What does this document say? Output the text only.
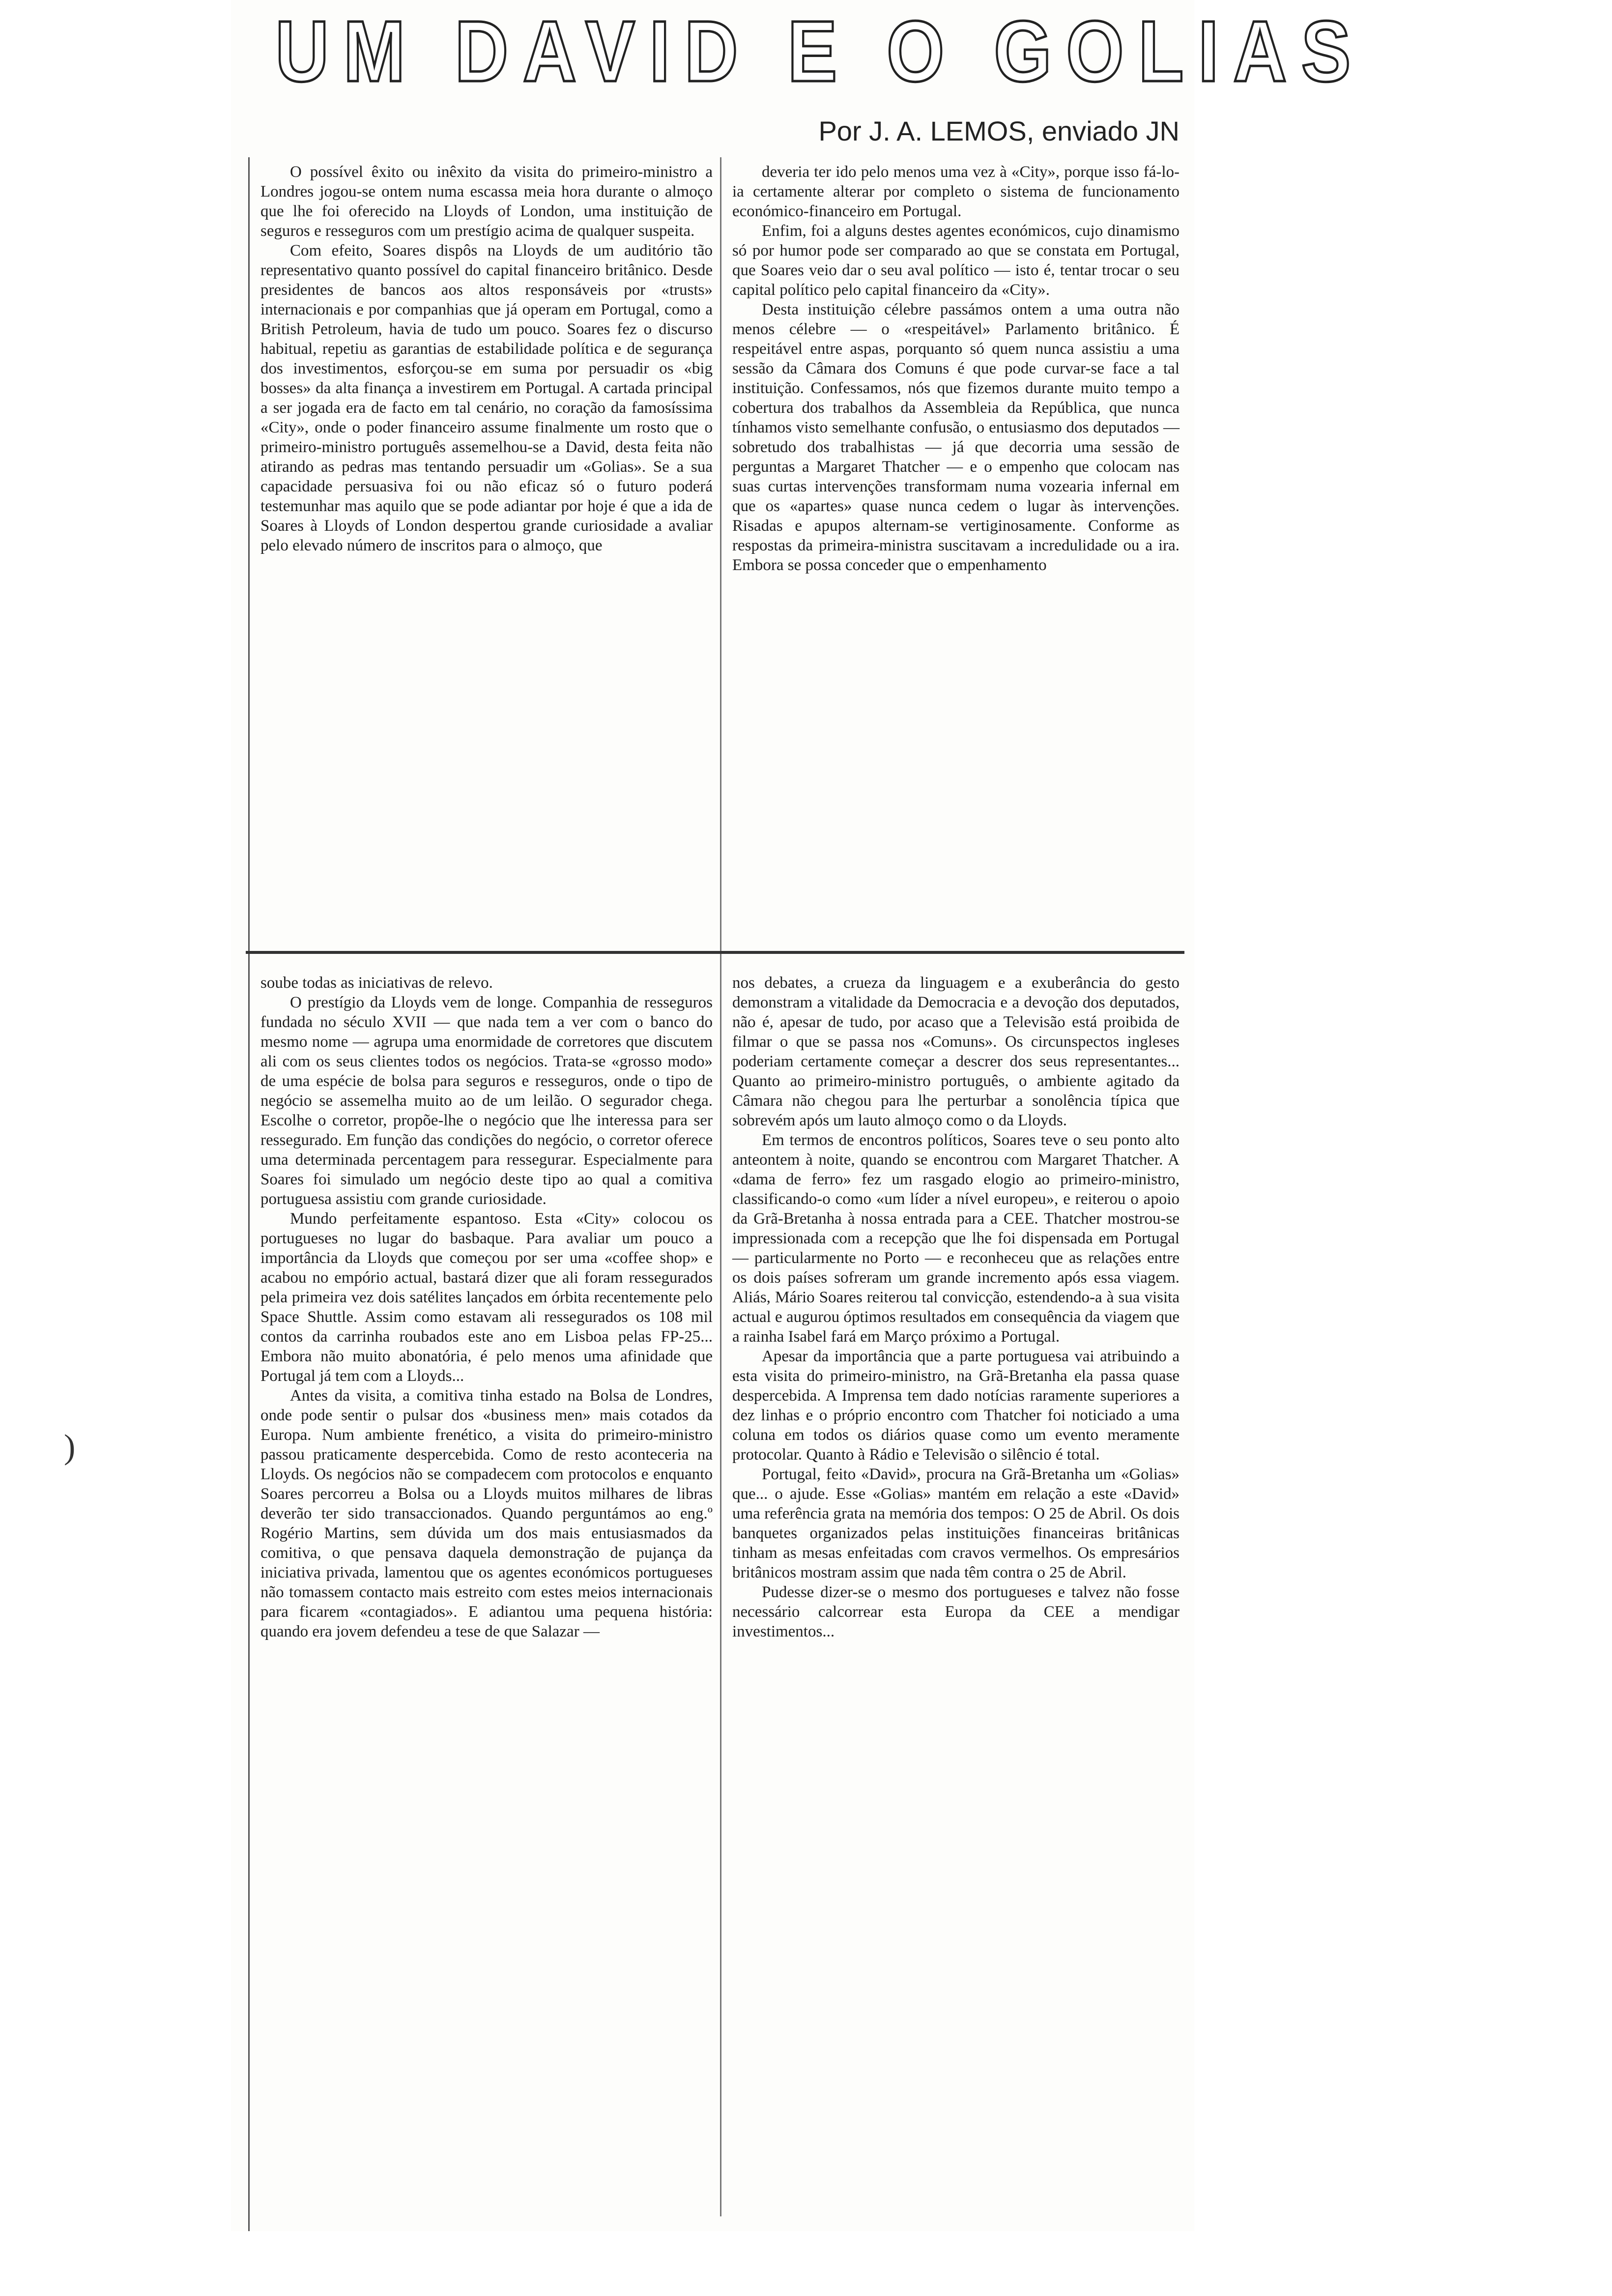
UM DAVID E O GOLIAS
Por J. A. LEMOS, enviado JN

O possível êxito ou inêxito da visita do primeiro-ministro a Londres jogou-se ontem numa escassa meia hora durante o almoço que lhe foi oferecido na Lloyds of London, uma instituição de seguros e resseguros com um prestígio acima de qualquer suspeita.

Com efeito, Soares dispôs na Lloyds de um auditório tão representativo quanto possível do capital financeiro britânico. Desde presidentes de bancos aos altos responsáveis por «trusts» internacionais e por companhias que já operam em Portugal, como a British Petroleum, havia de tudo um pouco. Soares fez o discurso habitual, repetiu as garantias de estabilidade política e de segurança dos investimentos, esforçou-se em suma por persuadir os «big bosses» da alta finança a investirem em Portugal. A cartada principal a ser jogada era de facto em tal cenário, no coração da famosíssima «City», onde o poder financeiro assume finalmente um rosto que o primeiro-ministro português assemelhou-se a David, desta feita não atirando as pedras mas tentando persuadir um «Golias». Se a sua capacidade persuasiva foi ou não eficaz só o futuro poderá testemunhar mas aquilo que se pode adiantar por hoje é que a ida de Soares à Lloyds of London despertou grande curiosidade a avaliar pelo elevado número de inscritos para o almoço, que

deveria ter ido pelo menos uma vez à «City», porque isso fá-lo-ia certamente alterar por completo o sistema de funcionamento económico-financeiro em Portugal.

Enfim, foi a alguns destes agentes económicos, cujo dinamismo só por humor pode ser comparado ao que se constata em Portugal, que Soares veio dar o seu aval político — isto é, tentar trocar o seu capital político pelo capital financeiro da «City».

Desta instituição célebre passámos ontem a uma outra não menos célebre — o «respeitável» Parlamento britânico. É respeitável entre aspas, porquanto só quem nunca assistiu a uma sessão da Câmara dos Comuns é que pode curvar-se face a tal instituição. Confessamos, nós que fizemos durante muito tempo a cobertura dos trabalhos da Assembleia da República, que nunca tínhamos visto semelhante confusão, o entusiasmo dos deputados — sobretudo dos trabalhistas — já que decorria uma sessão de perguntas a Margaret Thatcher — e o empenho que colocam nas suas curtas intervenções transformam numa vozearia infernal em que os «apartes» quase nunca cedem o lugar às intervenções. Risadas e apupos alternam-se vertiginosamente. Conforme as respostas da primeira-ministra suscitavam a incredulidade ou a ira. Embora se possa conceder que o empenhamento

soube todas as iniciativas de relevo.

O prestígio da Lloyds vem de longe. Companhia de resseguros fundada no século XVII — que nada tem a ver com o banco do mesmo nome — agrupa uma enormidade de corretores que discutem ali com os seus clientes todos os negócios. Trata-se «grosso modo» de uma espécie de bolsa para seguros e resseguros, onde o tipo de negócio se assemelha muito ao de um leilão. O segurador chega. Escolhe o corretor, propõe-lhe o negócio que lhe interessa para ser ressegurado. Em função das condições do negócio, o corretor oferece uma determinada percentagem para ressegurar. Especialmente para Soares foi simulado um negócio deste tipo ao qual a comitiva portuguesa assistiu com grande curiosidade.

Mundo perfeitamente espantoso. Esta «City» colocou os portugueses no lugar do basbaque. Para avaliar um pouco a importância da Lloyds que começou por ser uma «coffee shop» e acabou no empório actual, bastará dizer que ali foram ressegurados pela primeira vez dois satélites lançados em órbita recentemente pelo Space Shuttle. Assim como estavam ali ressegurados os 108 mil contos da carrinha roubados este ano em Lisboa pelas FP-25... Embora não muito abonatória, é pelo menos uma afinidade que Portugal já tem com a Lloyds...

Antes da visita, a comitiva tinha estado na Bolsa de Londres, onde pode sentir o pulsar dos «business men» mais cotados da Europa. Num ambiente frenético, a visita do primeiro-ministro passou praticamente despercebida. Como de resto aconteceria na Lloyds. Os negócios não se compadecem com protocolos e enquanto Soares percorreu a Bolsa ou a Lloyds muitos milhares de libras deverão ter sido transaccionados. Quando perguntámos ao eng.º Rogério Martins, sem dúvida um dos mais entusiasmados da comitiva, o que pensava daquela demonstração de pujança da iniciativa privada, lamentou que os agentes económicos portugueses não tomassem contacto mais estreito com estes meios internacionais para ficarem «contagiados». E adiantou uma pequena história: quando era jovem defendeu a tese de que Salazar —

nos debates, a crueza da linguagem e a exuberância do gesto demonstram a vitalidade da Democracia e a devoção dos deputados, não é, apesar de tudo, por acaso que a Televisão está proibida de filmar o que se passa nos «Comuns». Os circunspectos ingleses poderiam certamente começar a descrer dos seus representantes... Quanto ao primeiro-ministro português, o ambiente agitado da Câmara não chegou para lhe perturbar a sonolência típica que sobrevém após um lauto almoço como o da Lloyds.

Em termos de encontros políticos, Soares teve o seu ponto alto anteontem à noite, quando se encontrou com Margaret Thatcher. A «dama de ferro» fez um rasgado elogio ao primeiro-ministro, classificando-o como «um líder a nível europeu», e reiterou o apoio da Grã-Bretanha à nossa entrada para a CEE. Thatcher mostrou-se impressionada com a recepção que lhe foi dispensada em Portugal — particularmente no Porto — e reconheceu que as relações entre os dois países sofreram um grande incremento após essa viagem. Aliás, Mário Soares reiterou tal convicção, estendendo-a à sua visita actual e augurou óptimos resultados em consequência da viagem que a rainha Isabel fará em Março próximo a Portugal.

Apesar da importância que a parte portuguesa vai atribuindo a esta visita do primeiro-ministro, na Grã-Bretanha ela passa quase despercebida. A Imprensa tem dado notícias raramente superiores a dez linhas e o próprio encontro com Thatcher foi noticiado a uma coluna em todos os diários quase como um evento meramente protocolar. Quanto à Rádio e Televisão o silêncio é total.

Portugal, feito «David», procura na Grã-Bretanha um «Golias» que... o ajude. Esse «Golias» mantém em relação a este «David» uma referência grata na memória dos tempos: O 25 de Abril. Os dois banquetes organizados pelas instituições financeiras britânicas tinham as mesas enfeitadas com cravos vermelhos. Os empresários britânicos mostram assim que nada têm contra o 25 de Abril.

Pudesse dizer-se o mesmo dos portugueses e talvez não fosse necessário calcorrear esta Europa da CEE a mendigar investimentos...

)
